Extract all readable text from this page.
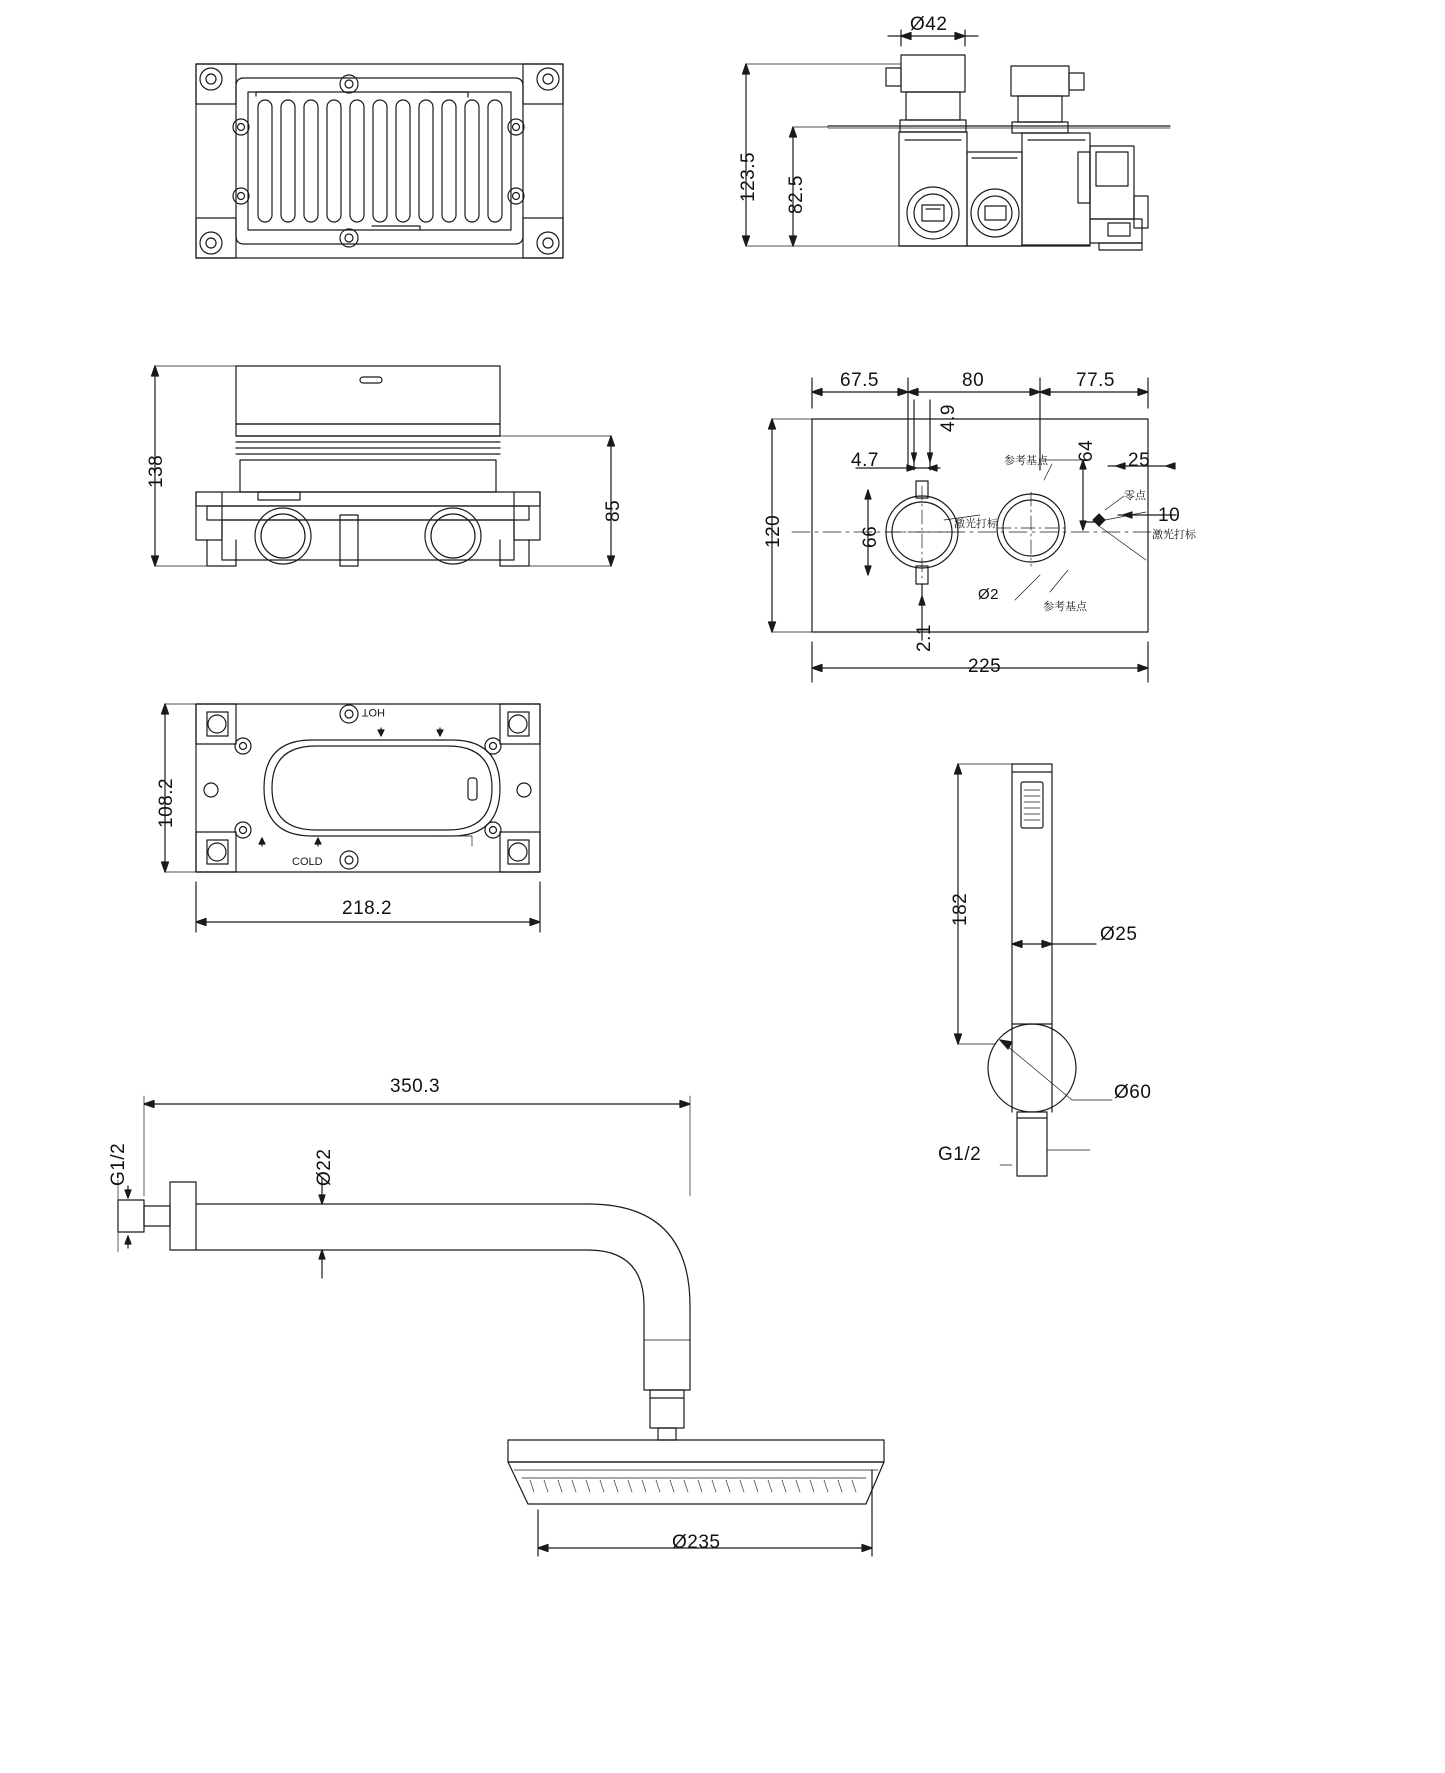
Ø42
123.5 82.5
138
85
67.5	80	77.5
4.9
4.7
120	66
64 25
10
2.1
225
Ø2
参考基点
参考基点
激光打标
激光打标
零点
108.2
218.2
HOT
COLD
182
Ø25
Ø60
G1/2
350.3
G1/2	Ø22
Ø235
